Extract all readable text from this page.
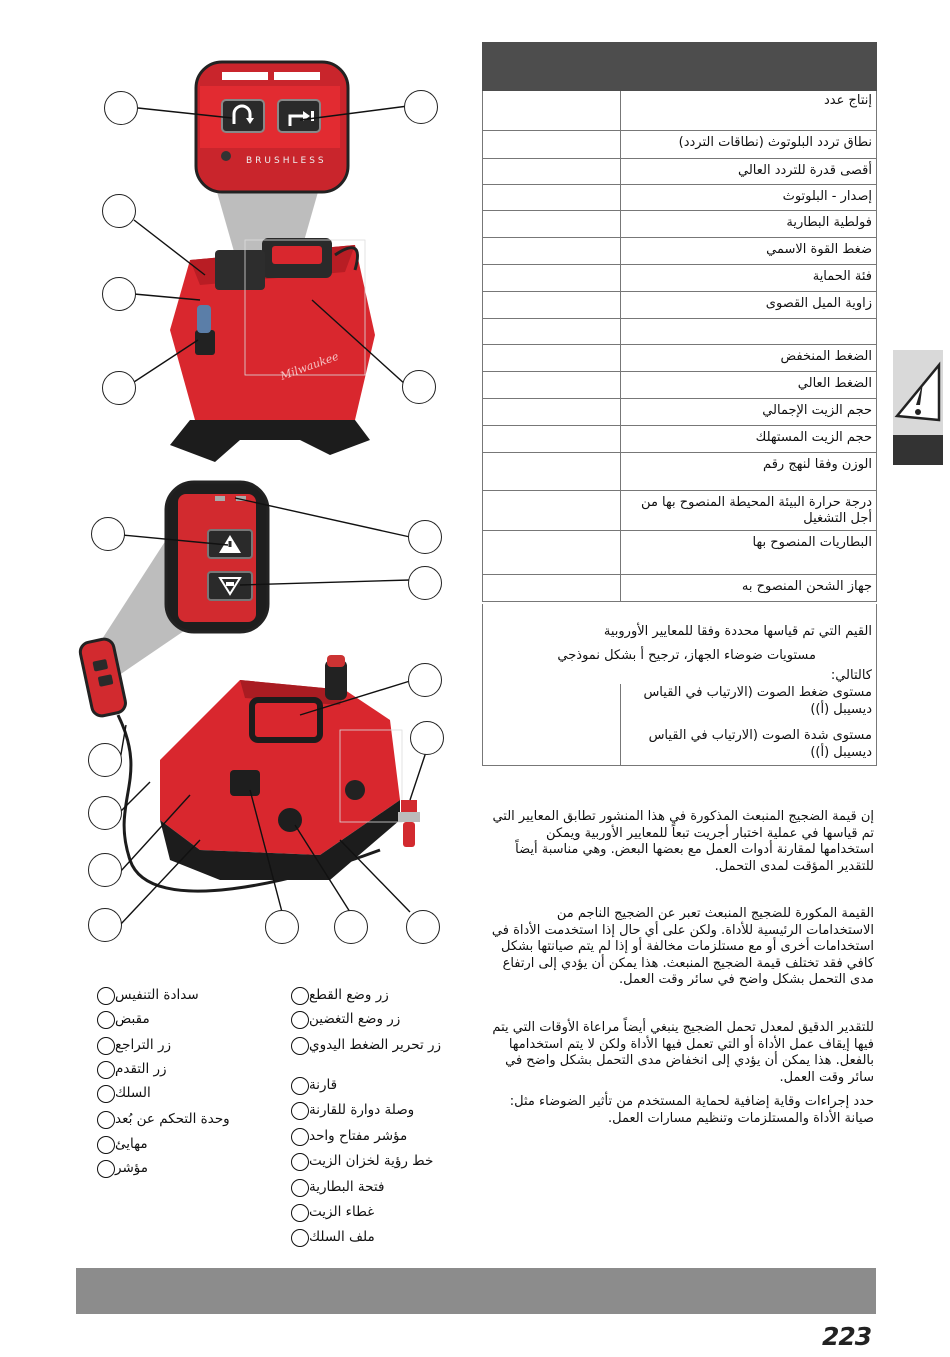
BRUSHLESS
Milwaukee

	إنتاج عدد
	نطاق تردد البلوتوث (نطاقات التردد)
	أقصى قدرة للتردد العالي
	إصدار - البلوتوث
	فولطية البطارية
	ضغط القوة الاسمي
	فئة الحماية
	زاوية الميل القصوى

	الضغط المنخفض
	الضغط العالي
	حجم الزيت الإجمالي
	حجم الزيت المستهلك
	الوزن وفقا لنهج رقم
	درجة حرارة البيئة المحيطة المنصوح بها من أجل التشغيل
	البطاريات المنصوح بها
	جهاز الشحن المنصوح به
القيم التي تم قياسها محددة وفقا للمعايير الأوروبية
مستويات ضوضاء الجهاز، ترجيح أ بشكل نموذجي
كالتالي:
مستوى ضغط الصوت (الارتياب في القياس ديسيبل (أ))
مستوى شدة الصوت (الارتياب في القياس ديسيبل (أ))
إن قيمة الضجيج المنبعث المذكورة في هذا المنشور تطابق المعايير التي تم قياسها في عملية اختبار أجريت تبعاً للمعايير الأوربية ويمكن استخدامها لمقارنة أدوات العمل مع بعضها البعض. وهي مناسبة أيضاً للتقدير المؤقت لمدى التحمل.
القيمة المكورة للضجيج المنبعث تعبر عن الضجيج الناجم من الاستخدامات الرئيسية للأداة. ولكن على أي حال إذا استخدمت الأداة في استخدامات أخرى أو مع مستلزمات مخالفة أو إذا لم يتم صيانتها بشكل كافي فقد تختلف قيمة الضجيج المنبعث. هذا يمكن أن يؤدي إلى ارتفاع مدى التحمل بشكل واضح في سائر وقت العمل.
للتقدير الدقيق لمعدل تحمل الضجيج ينبغي أيضاً مراعاة الأوقات التي يتم فيها إيقاف عمل الأداة أو التي تعمل فيها الأداة ولكن لا يتم استخدامها بالفعل. هذا يمكن أن يؤدي إلى انخفاض مدى التحمل بشكل واضح في سائر وقت العمل.
حدد إجراءات وقاية إضافية لحماية المستخدم من تأثير الضوضاء مثل: صيانة الأداة والمستلزمات وتنظيم مسارات العمل.
زر وضع القطع
زر وضع التغضين
زر تحرير الضغط اليدوي
قارنة
وصلة دوارة للقارنة
مؤشر مفتاح واحد
خط رؤية لخزان الزيت
فتحة البطارية
غطاء الزيت
ملف السلك
سدادة التنفيس
مقبض
زر التراجع
زر التقدم
السلك
وحدة التحكم عن بُعد
مهايئ
مؤشر
223
